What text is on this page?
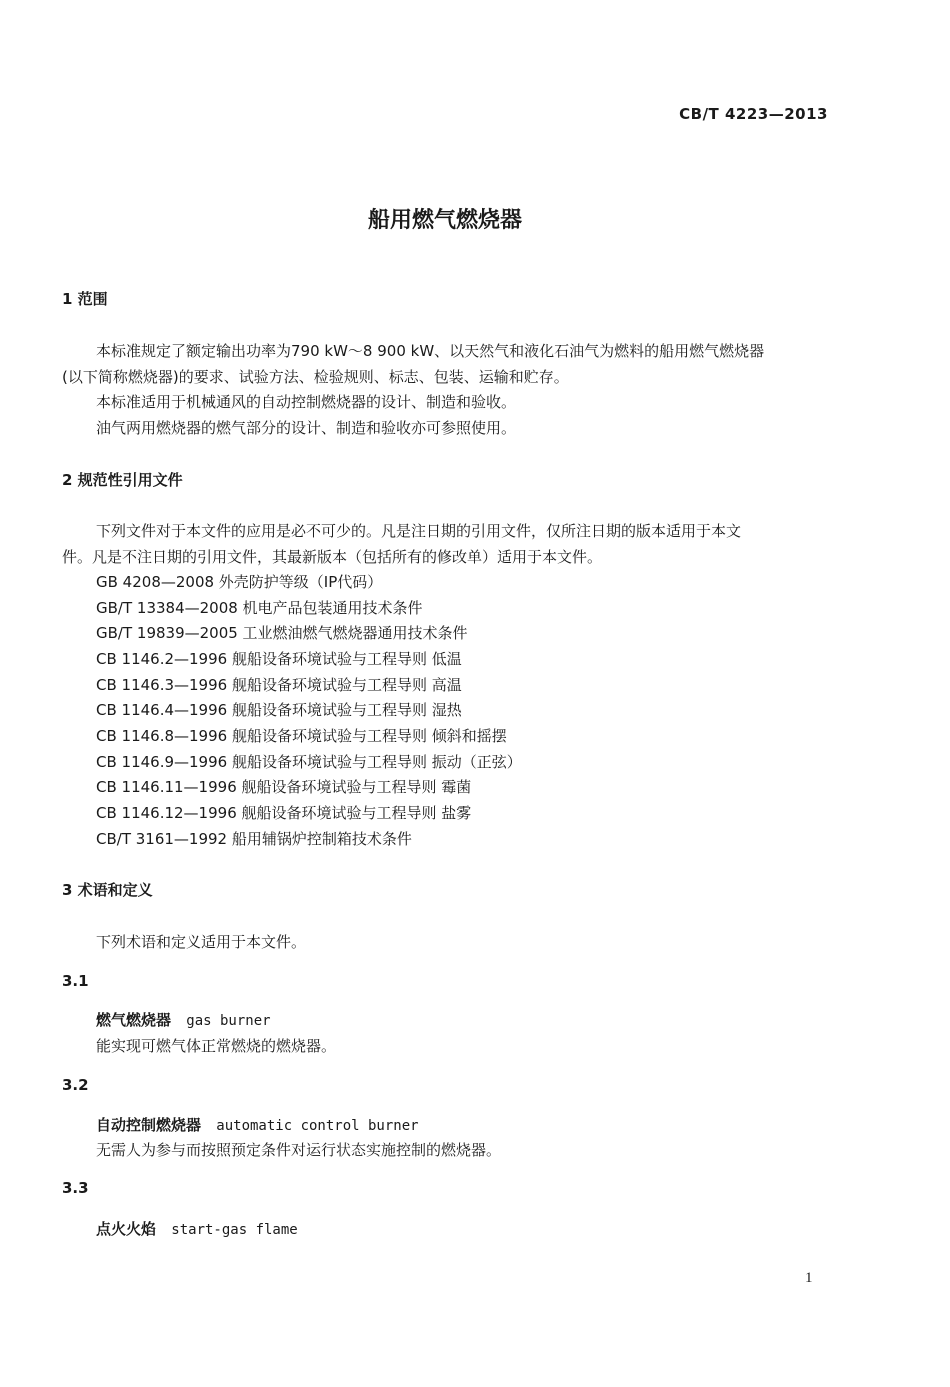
CB/T 4223—2013
船用燃气燃烧器
1 范围
本标准规定了额定输出功率为790 kW～8 900 kW、以天然气和液化石油气为燃料的船用燃气燃烧器
(以下简称燃烧器)的要求、试验方法、检验规则、标志、包装、运输和贮存。
本标准适用于机械通风的自动控制燃烧器的设计、制造和验收。
油气两用燃烧器的燃气部分的设计、制造和验收亦可参照使用。
2 规范性引用文件
下列文件对于本文件的应用是必不可少的。凡是注日期的引用文件，仅所注日期的版本适用于本文
件。凡是不注日期的引用文件，其最新版本（包括所有的修改单）适用于本文件。
GB 4208—2008 外壳防护等级（IP代码）
GB/T 13384—2008 机电产品包装通用技术条件
GB/T 19839—2005 工业燃油燃气燃烧器通用技术条件
CB 1146.2—1996 舰船设备环境试验与工程导则 低温
CB 1146.3—1996 舰船设备环境试验与工程导则 高温
CB 1146.4—1996 舰船设备环境试验与工程导则 湿热
CB 1146.8—1996 舰船设备环境试验与工程导则 倾斜和摇摆
CB 1146.9—1996 舰船设备环境试验与工程导则 振动（正弦）
CB 1146.11—1996 舰船设备环境试验与工程导则 霉菌
CB 1146.12—1996 舰船设备环境试验与工程导则 盐雾
CB/T 3161—1992 船用辅锅炉控制箱技术条件
3 术语和定义
下列术语和定义适用于本文件。
3.1
燃气燃烧器 gas burner
能实现可燃气体正常燃烧的燃烧器。
3.2
自动控制燃烧器 automatic control burner
无需人为参与而按照预定条件对运行状态实施控制的燃烧器。
3.3
点火火焰 start-gas flame
1
